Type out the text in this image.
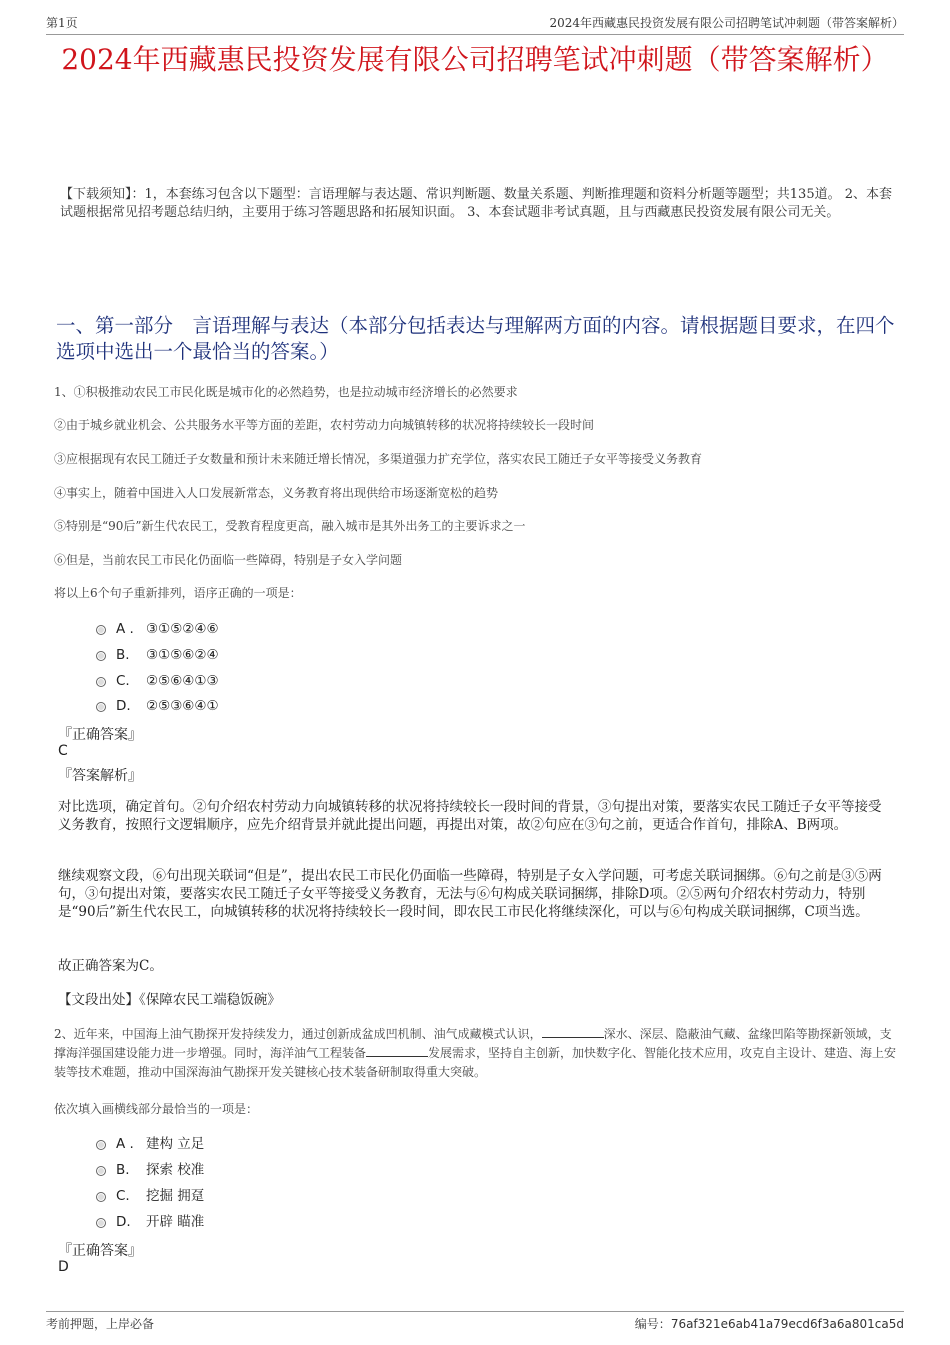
第1页	2024年西藏惠民投资发展有限公司招聘笔试冲刺题（带答案解析）
2024年西藏惠民投资发展有限公司招聘笔试冲刺题（带答案解析）
【下载须知】：1，本套练习包含以下题型：言语理解与表达题、常识判断题、数量关系题、判断推理题和资料分析题等题型；共135道。 2、本套试题根据常见招考题总结归纳，主要用于练习答题思路和拓展知识面。 3、本套试题非考试真题，且与西藏惠民投资发展有限公司无关。
一、第一部分　言语理解与表达（本部分包括表达与理解两方面的内容。请根据题目要求，在四个选项中选出一个最恰当的答案。）
1、①积极推动农民工市民化既是城市化的必然趋势，也是拉动城市经济增长的必然要求
②由于城乡就业机会、公共服务水平等方面的差距，农村劳动力向城镇转移的状况将持续较长一段时间
③应根据现有农民工随迁子女数量和预计未来随迁增长情况，多渠道强力扩充学位，落实农民工随迁子女平等接受义务教育
④事实上，随着中国进入人口发展新常态，义务教育将出现供给市场逐渐宽松的趋势
⑤特别是“90后”新生代农民工，受教育程度更高，融入城市是其外出务工的主要诉求之一
⑥但是，当前农民工市民化仍面临一些障碍，特别是子女入学问题
将以上6个句子重新排列，语序正确的一项是：
A . ③①⑤②④⑥
B. ③①⑤⑥②④
C. ②⑤⑥④①③
D. ②⑤③⑥④①
『正确答案』
C
『答案解析』
对比选项，确定首句。②句介绍农村劳动力向城镇转移的状况将持续较长一段时间的背景，③句提出对策，要落实农民工随迁子女平等接受义务教育，按照行文逻辑顺序，应先介绍背景并就此提出问题，再提出对策，故②句应在③句之前，更适合作首句，排除A、B两项。
继续观察文段，⑥句出现关联词“但是”，提出农民工市民化仍面临一些障碍，特别是子女入学问题，可考虑关联词捆绑。⑥句之前是③⑤两句，③句提出对策，要落实农民工随迁子女平等接受义务教育，无法与⑥句构成关联词捆绑，排除D项。②⑤两句介绍农村劳动力，特别是“90后”新生代农民工，向城镇转移的状况将持续较长一段时间，即农民工市民化将继续深化，可以与⑥句构成关联词捆绑，C项当选。
故正确答案为C。
【文段出处】《保障农民工端稳饭碗》
2、近年来，中国海上油气勘探开发持续发力，通过创新成盆成凹机制、油气成藏模式认识，	深水、深层、隐蔽油气藏、盆缘凹陷等勘探新领域，支撑海洋强国建设能力进一步增强。同时，海洋油气工程装备	发展需求，坚持自主创新，加快数字化、智能化技术应用，攻克自主设计、建造、海上安装等技术难题，推动中国深海油气勘探开发关键核心技术装备研制取得重大突破。
依次填入画横线部分最恰当的一项是：
A . 建构 立足
B. 探索 校准
C. 挖掘 拥趸
D. 开辟 瞄准
『正确答案』
D
考前押题，上岸必备	编号：76af321e6ab41a79ecd6f3a6a801ca5d
